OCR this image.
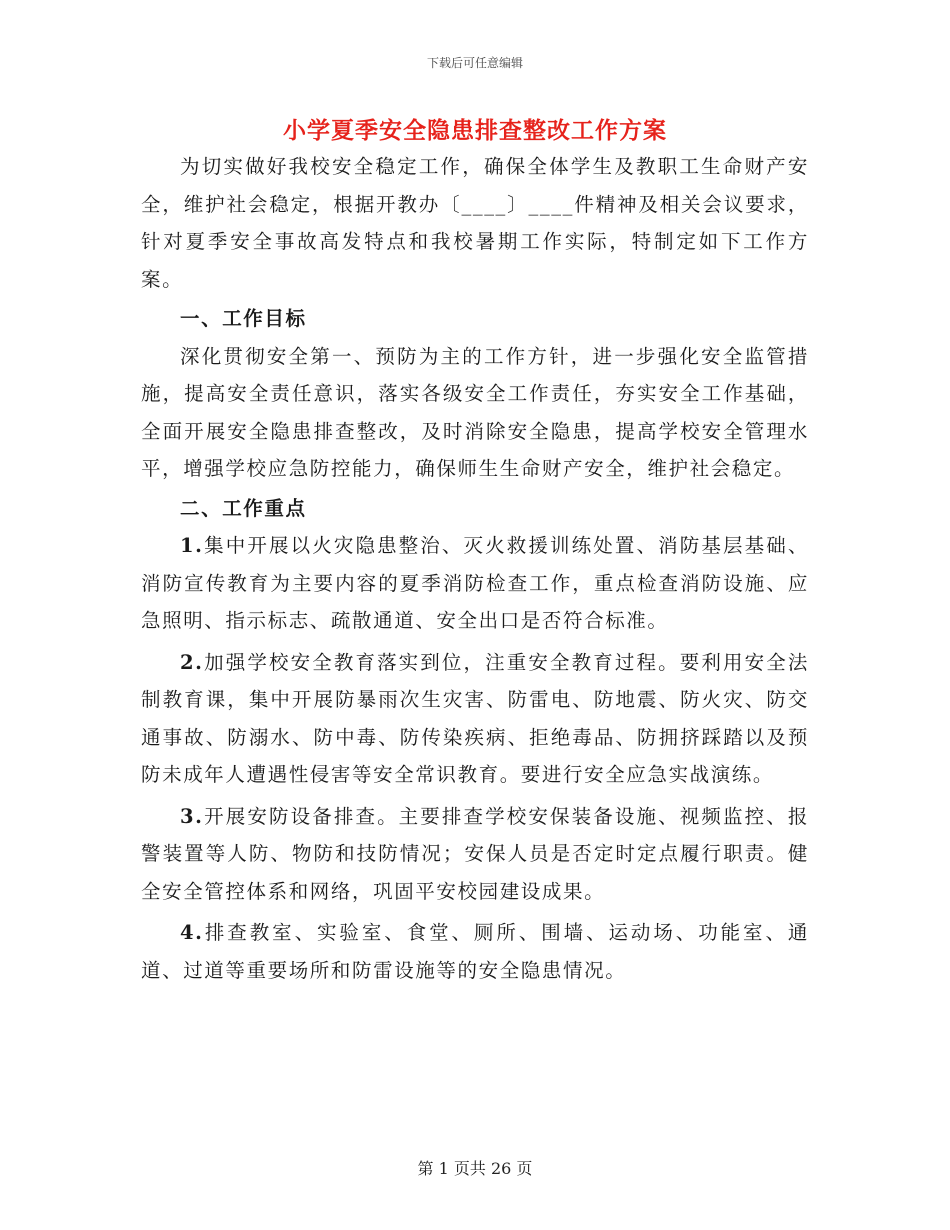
下载后可任意编辑
小学夏季安全隐患排查整改工作方案

为切实做好我校安全稳定工作，确保全体学生及教职工生命财产安全，维护社会稳定，根据开教办〔____〕____件精神及相关会议要求，针对夏季安全事故高发特点和我校暑期工作实际，特制定如下工作方案。

一、工作目标

深化贯彻安全第一、预防为主的工作方针，进一步强化安全监管措施，提高安全责任意识，落实各级安全工作责任，夯实安全工作基础，全面开展安全隐患排查整改，及时消除安全隐患，提高学校安全管理水平，增强学校应急防控能力，确保师生生命财产安全，维护社会稳定。

二、工作重点

1.集中开展以火灾隐患整治、灭火救援训练处置、消防基层基础、消防宣传教育为主要内容的夏季消防检查工作，重点检查消防设施、应急照明、指示标志、疏散通道、安全出口是否符合标准。

2.加强学校安全教育落实到位，注重安全教育过程。要利用安全法制教育课，集中开展防暴雨次生灾害、防雷电、防地震、防火灾、防交通事故、防溺水、防中毒、防传染疾病、拒绝毒品、防拥挤踩踏以及预防未成年人遭遇性侵害等安全常识教育。要进行安全应急实战演练。

3.开展安防设备排查。主要排查学校安保装备设施、视频监控、报警装置等人防、物防和技防情况；安保人员是否定时定点履行职责。健全安全管控体系和网络，巩固平安校园建设成果。

4.排查教室、实验室、食堂、厕所、围墙、运动场、功能室、通道、过道等重要场所和防雷设施等的安全隐患情况。

第 1 页共 26 页
